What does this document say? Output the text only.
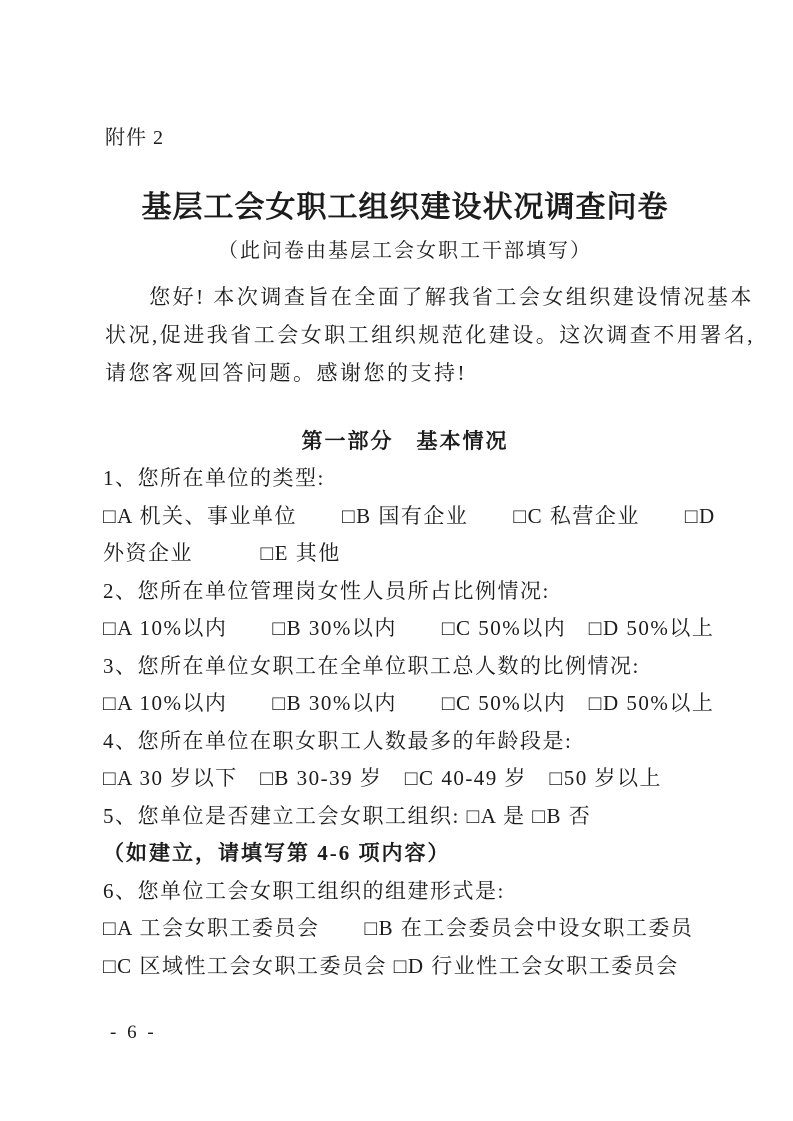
附件 2
基层工会女职工组织建设状况调查问卷
（此问卷由基层工会女职工干部填写）
您好! 本次调查旨在全面了解我省工会女组织建设情况基本
状况,促进我省工会女职工组织规范化建设。这次调查不用署名,
请您客观回答问题。感谢您的支持!
第一部分　基本情况
1、您所在单位的类型:
□A 机关、事业单位　　□B 国有企业　　□C 私营企业　　□D
外资企业　　　□E 其他
2、您所在单位管理岗女性人员所占比例情况:
□A 10%以内　　□B 30%以内　　□C 50%以内　□D 50%以上
3、您所在单位女职工在全单位职工总人数的比例情况:
□A 10%以内　　□B 30%以内　　□C 50%以内　□D 50%以上
4、您所在单位在职女职工人数最多的年龄段是:
□A 30 岁以下　□B 30-39 岁　□C 40-49 岁　□50 岁以上
5、您单位是否建立工会女职工组织: □A 是 □B 否
（如建立，请填写第 4-6 项内容）
6、您单位工会女职工组织的组建形式是:
□A 工会女职工委员会　　□B 在工会委员会中设女职工委员
□C 区域性工会女职工委员会 □D 行业性工会女职工委员会
- 6 -
